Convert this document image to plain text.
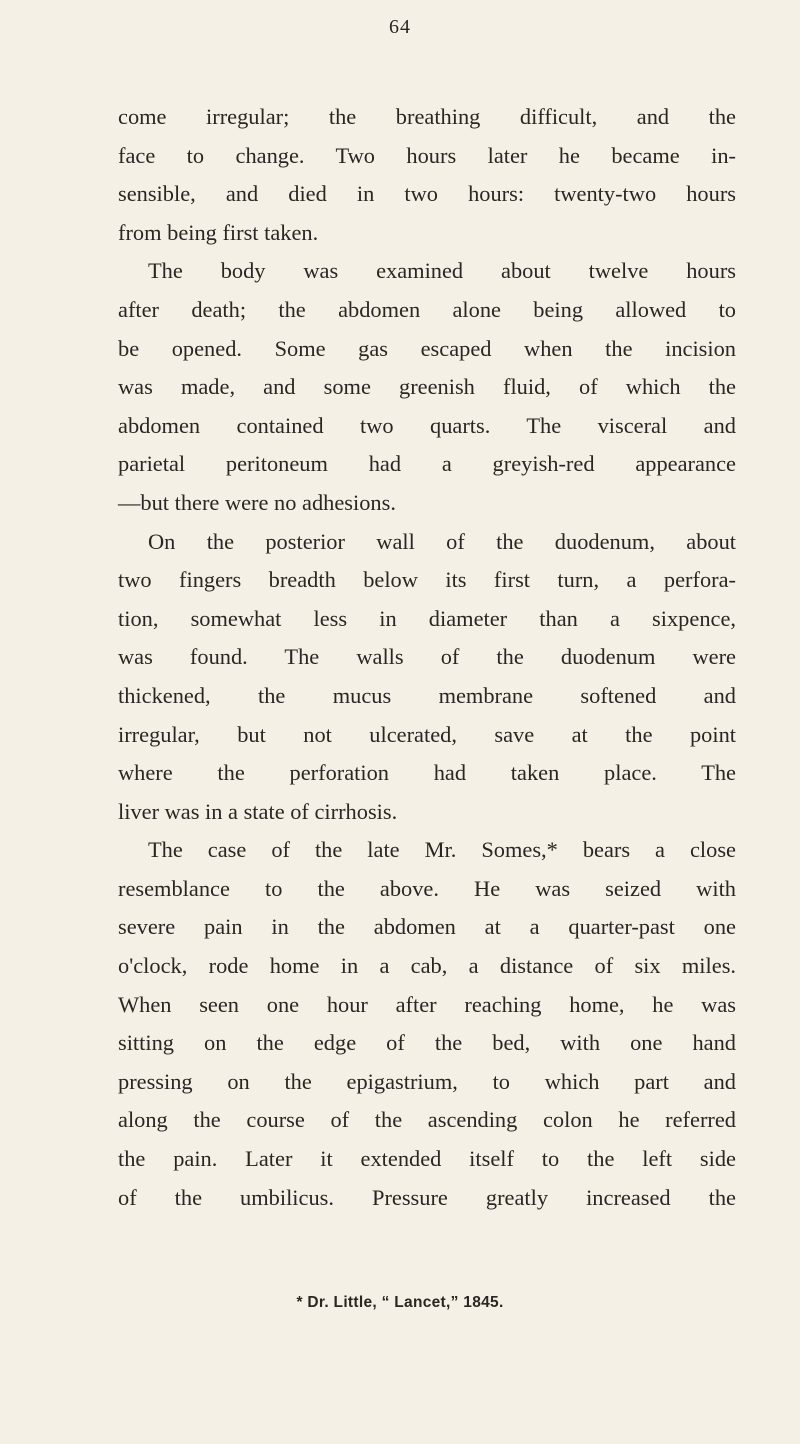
64
come irregular; the breathing difficult, and the
face to change. Two hours later he became in-
sensible, and died in two hours: twenty-two hours
from being first taken.
The body was examined about twelve hours
after death; the abdomen alone being allowed to
be opened. Some gas escaped when the incision
was made, and some greenish fluid, of which the
abdomen contained two quarts. The visceral and
parietal peritoneum had a greyish-red appearance
—but there were no adhesions.
On the posterior wall of the duodenum, about
two fingers breadth below its first turn, a perfora-
tion, somewhat less in diameter than a sixpence,
was found. The walls of the duodenum were
thickened, the mucus membrane softened and
irregular, but not ulcerated, save at the point
where the perforation had taken place. The
liver was in a state of cirrhosis.
The case of the late Mr. Somes,* bears a close
resemblance to the above. He was seized with
severe pain in the abdomen at a quarter-past one
o'clock, rode home in a cab, a distance of six miles.
When seen one hour after reaching home, he was
sitting on the edge of the bed, with one hand
pressing on the epigastrium, to which part and
along the course of the ascending colon he referred
the pain. Later it extended itself to the left side
of the umbilicus. Pressure greatly increased the
* Dr. Little, “ Lancet,” 1845.
